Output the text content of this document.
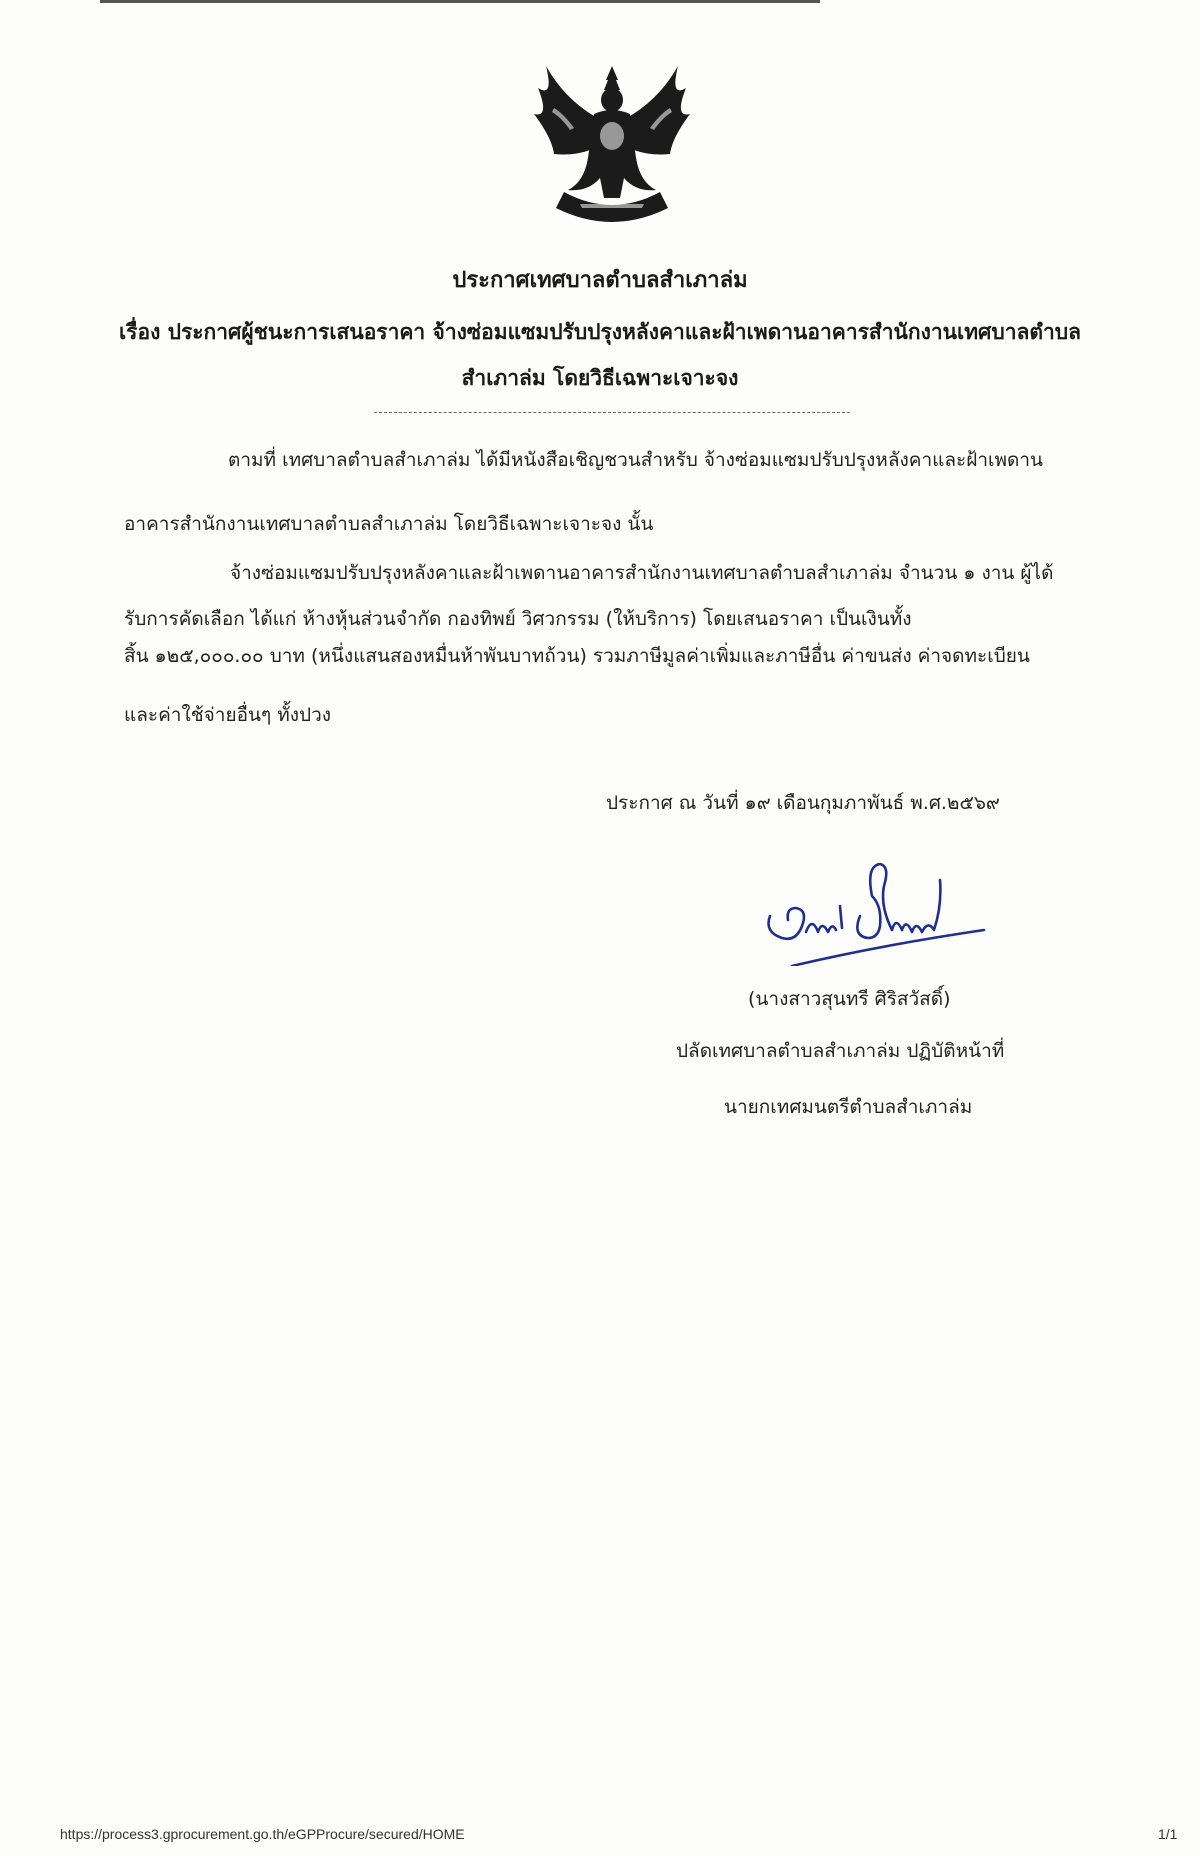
ประกาศเทศบาลตำบลสำเภาล่ม
เรื่อง ประกาศผู้ชนะการเสนอราคา จ้างซ่อมแซมปรับปรุงหลังคาและฝ้าเพดานอาคารสำนักงานเทศบาลตำบล
สำเภาล่ม โดยวิธีเฉพาะเจาะจง
ตามที่ เทศบาลตำบลสำเภาล่ม ได้มีหนังสือเชิญชวนสำหรับ จ้างซ่อมแซมปรับปรุงหลังคาและฝ้าเพดาน
อาคารสำนักงานเทศบาลตำบลสำเภาล่ม โดยวิธีเฉพาะเจาะจง นั้น
จ้างซ่อมแซมปรับปรุงหลังคาและฝ้าเพดานอาคารสำนักงานเทศบาลตำบลสำเภาล่ม จำนวน ๑ งาน ผู้ได้
รับการคัดเลือก ได้แก่ ห้างหุ้นส่วนจำกัด กองทิพย์ วิศวกรรม (ให้บริการ) โดยเสนอราคา เป็นเงินทั้ง
สิ้น ๑๒๕,๐๐๐.๐๐ บาท (หนึ่งแสนสองหมื่นห้าพันบาทถ้วน) รวมภาษีมูลค่าเพิ่มและภาษีอื่น ค่าขนส่ง ค่าจดทะเบียน
และค่าใช้จ่ายอื่นๆ ทั้งปวง
ประกาศ ณ วันที่ ๑๙ เดือนกุมภาพันธ์ พ.ศ.๒๕๖๙
(นางสาวสุนทรี ศิริสวัสดิ์)
ปลัดเทศบาลตำบลสำเภาล่ม ปฏิบัติหน้าที่
นายกเทศมนตรีตำบลสำเภาล่ม
https://process3.gprocurement.go.th/eGPProcure/secured/HOME	1/1
